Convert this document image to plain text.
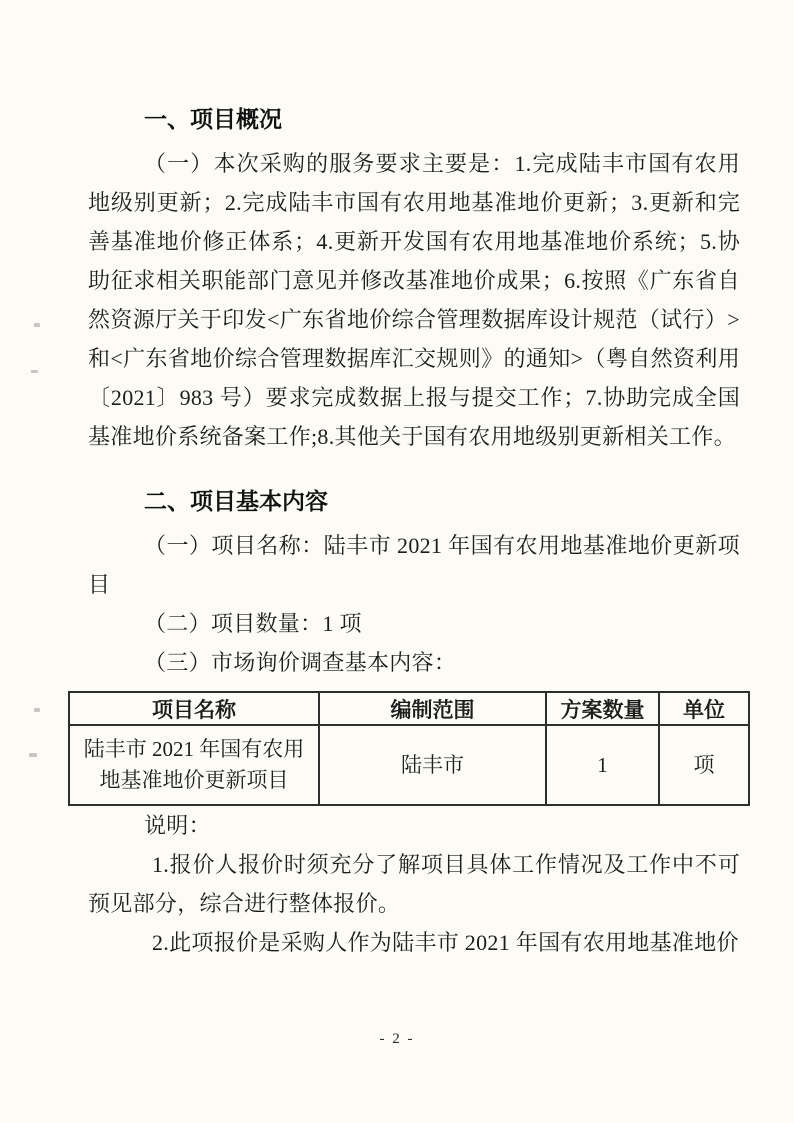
一、项目概况

（一）本次采购的服务要求主要是：1.完成陆丰市国有农用地级别更新；2.完成陆丰市国有农用地基准地价更新；3.更新和完善基准地价修正体系；4.更新开发国有农用地基准地价系统；5.协助征求相关职能部门意见并修改基准地价成果；6.按照《广东省自然资源厅关于印发<广东省地价综合管理数据库设计规范（试行）>和<广东省地价综合管理数据库汇交规则》的通知>（粤自然资利用〔2021〕983 号）要求完成数据上报与提交工作；7.协助完成全国基准地价系统备案工作;8.其他关于国有农用地级别更新相关工作。

二、项目基本内容

（一）项目名称：陆丰市 2021 年国有农用地基准地价更新项目

（二）项目数量：1 项

（三）市场询价调查基本内容：

项目名称	编制范围	方案数量	单位
陆丰市 2021 年国有农用地基准地价更新项目	陆丰市	1	项

说明：

1.报价人报价时须充分了解项目具体工作情况及工作中不可预见部分，综合进行整体报价。

2.此项报价是采购人作为陆丰市 2021 年国有农用地基准地价

- 2 -
